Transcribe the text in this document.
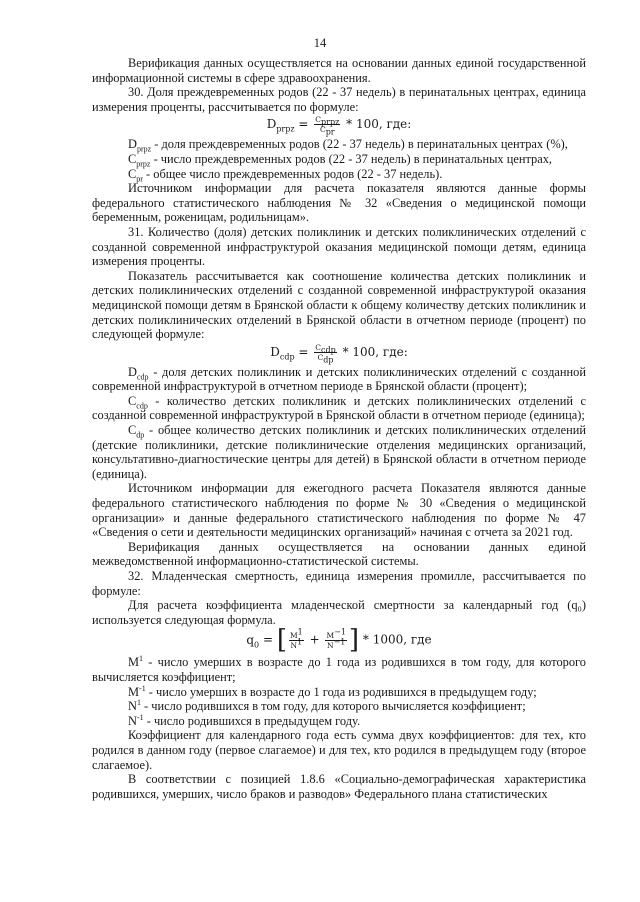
14

Верификация данных осуществляется на основании данных единой государственной информационной системы в сфере здравоохранения.

30. Доля преждевременных родов (22 - 37 недель) в перинатальных центрах, единица измерения проценты, рассчитывается по формуле:

$D_{prpz} = \frac{C_{prpz}}{C_{pr}} * 100$, где:

$D_{prpz}$ - доля преждевременных родов (22 - 37 недель) в перинатальных центрах (%),

$C_{prpz}$ - число преждевременных родов (22 - 37 недель) в перинатальных центрах,

$C_{pr}$ - общее число преждевременных родов (22 - 37 недель).

Источником информации для расчета показателя являются данные формы федерального статистического наблюдения № 32 «Сведения о медицинской помощи беременным, роженицам, родильницам».

31. Количество (доля) детских поликлиник и детских поликлинических отделений с созданной современной инфраструктурой оказания медицинской помощи детям, единица измерения проценты.

Показатель рассчитывается как соотношение количества детских поликлиник и детских поликлинических отделений с созданной современной инфраструктурой оказания медицинской помощи детям в Брянской области к общему количеству детских поликлиник и детских поликлинических отделений в Брянской области в отчетном периоде (процент) по следующей формуле:

$D_{cdp} = \frac{C_{cdp}}{C_{dp}} * 100$, где:

$D_{cdp}$ - доля детских поликлиник и детских поликлинических отделений с созданной современной инфраструктурой в отчетном периоде в Брянской области (процент);

$C_{cdp}$ - количество детских поликлиник и детских поликлинических отделений с созданной современной инфраструктурой в Брянской области в отчетном периоде (единица);

$C_{dp}$ - общее количество детских поликлиник и детских поликлинических отделений (детские поликлиники, детские поликлинические отделения медицинских организаций, консультативно-диагностические центры для детей) в Брянской области в отчетном периоде (единица).

Источником информации для ежегодного расчета Показателя являются данные федерального статистического наблюдения по форме № 30 «Сведения о медицинской организации» и данные федерального статистического наблюдения по форме № 47 «Сведения о сети и деятельности медицинских организаций» начиная с отчета за 2021 год.

Верификация данных осуществляется на основании данных единой межведомственной информационно-статистической системы.

32. Младенческая смертность, единица измерения промилле, рассчитывается по формуле:

Для расчета коэффициента младенческой смертности за календарный год (q₀) используется следующая формула.

$q_0$ = [ $\frac{M^1}{N^1} + \frac{M^{-1}}{N^{-1}}$ ] * 1000, где

$M^1$ - число умерших в возрасте до 1 года из родившихся в том году, для которого вычисляется коэффициент;

$M^{-1}$ - число умерших в возрасте до 1 года из родившихся в предыдущем году;

$N^1$ - число родившихся в том году, для которого вычисляется коэффициент;

$N^{-1}$ - число родившихся в предыдущем году.

Коэффициент для календарного года есть сумма двух коэффициентов: для тех, кто родился в данном году (первое слагаемое) и для тех, кто родился в предыдущем году (второе слагаемое).

В соответствии с позицией 1.8.6 «Социально-демографическая характеристика родившихся, умерших, число браков и разводов» Федерального плана статистических
